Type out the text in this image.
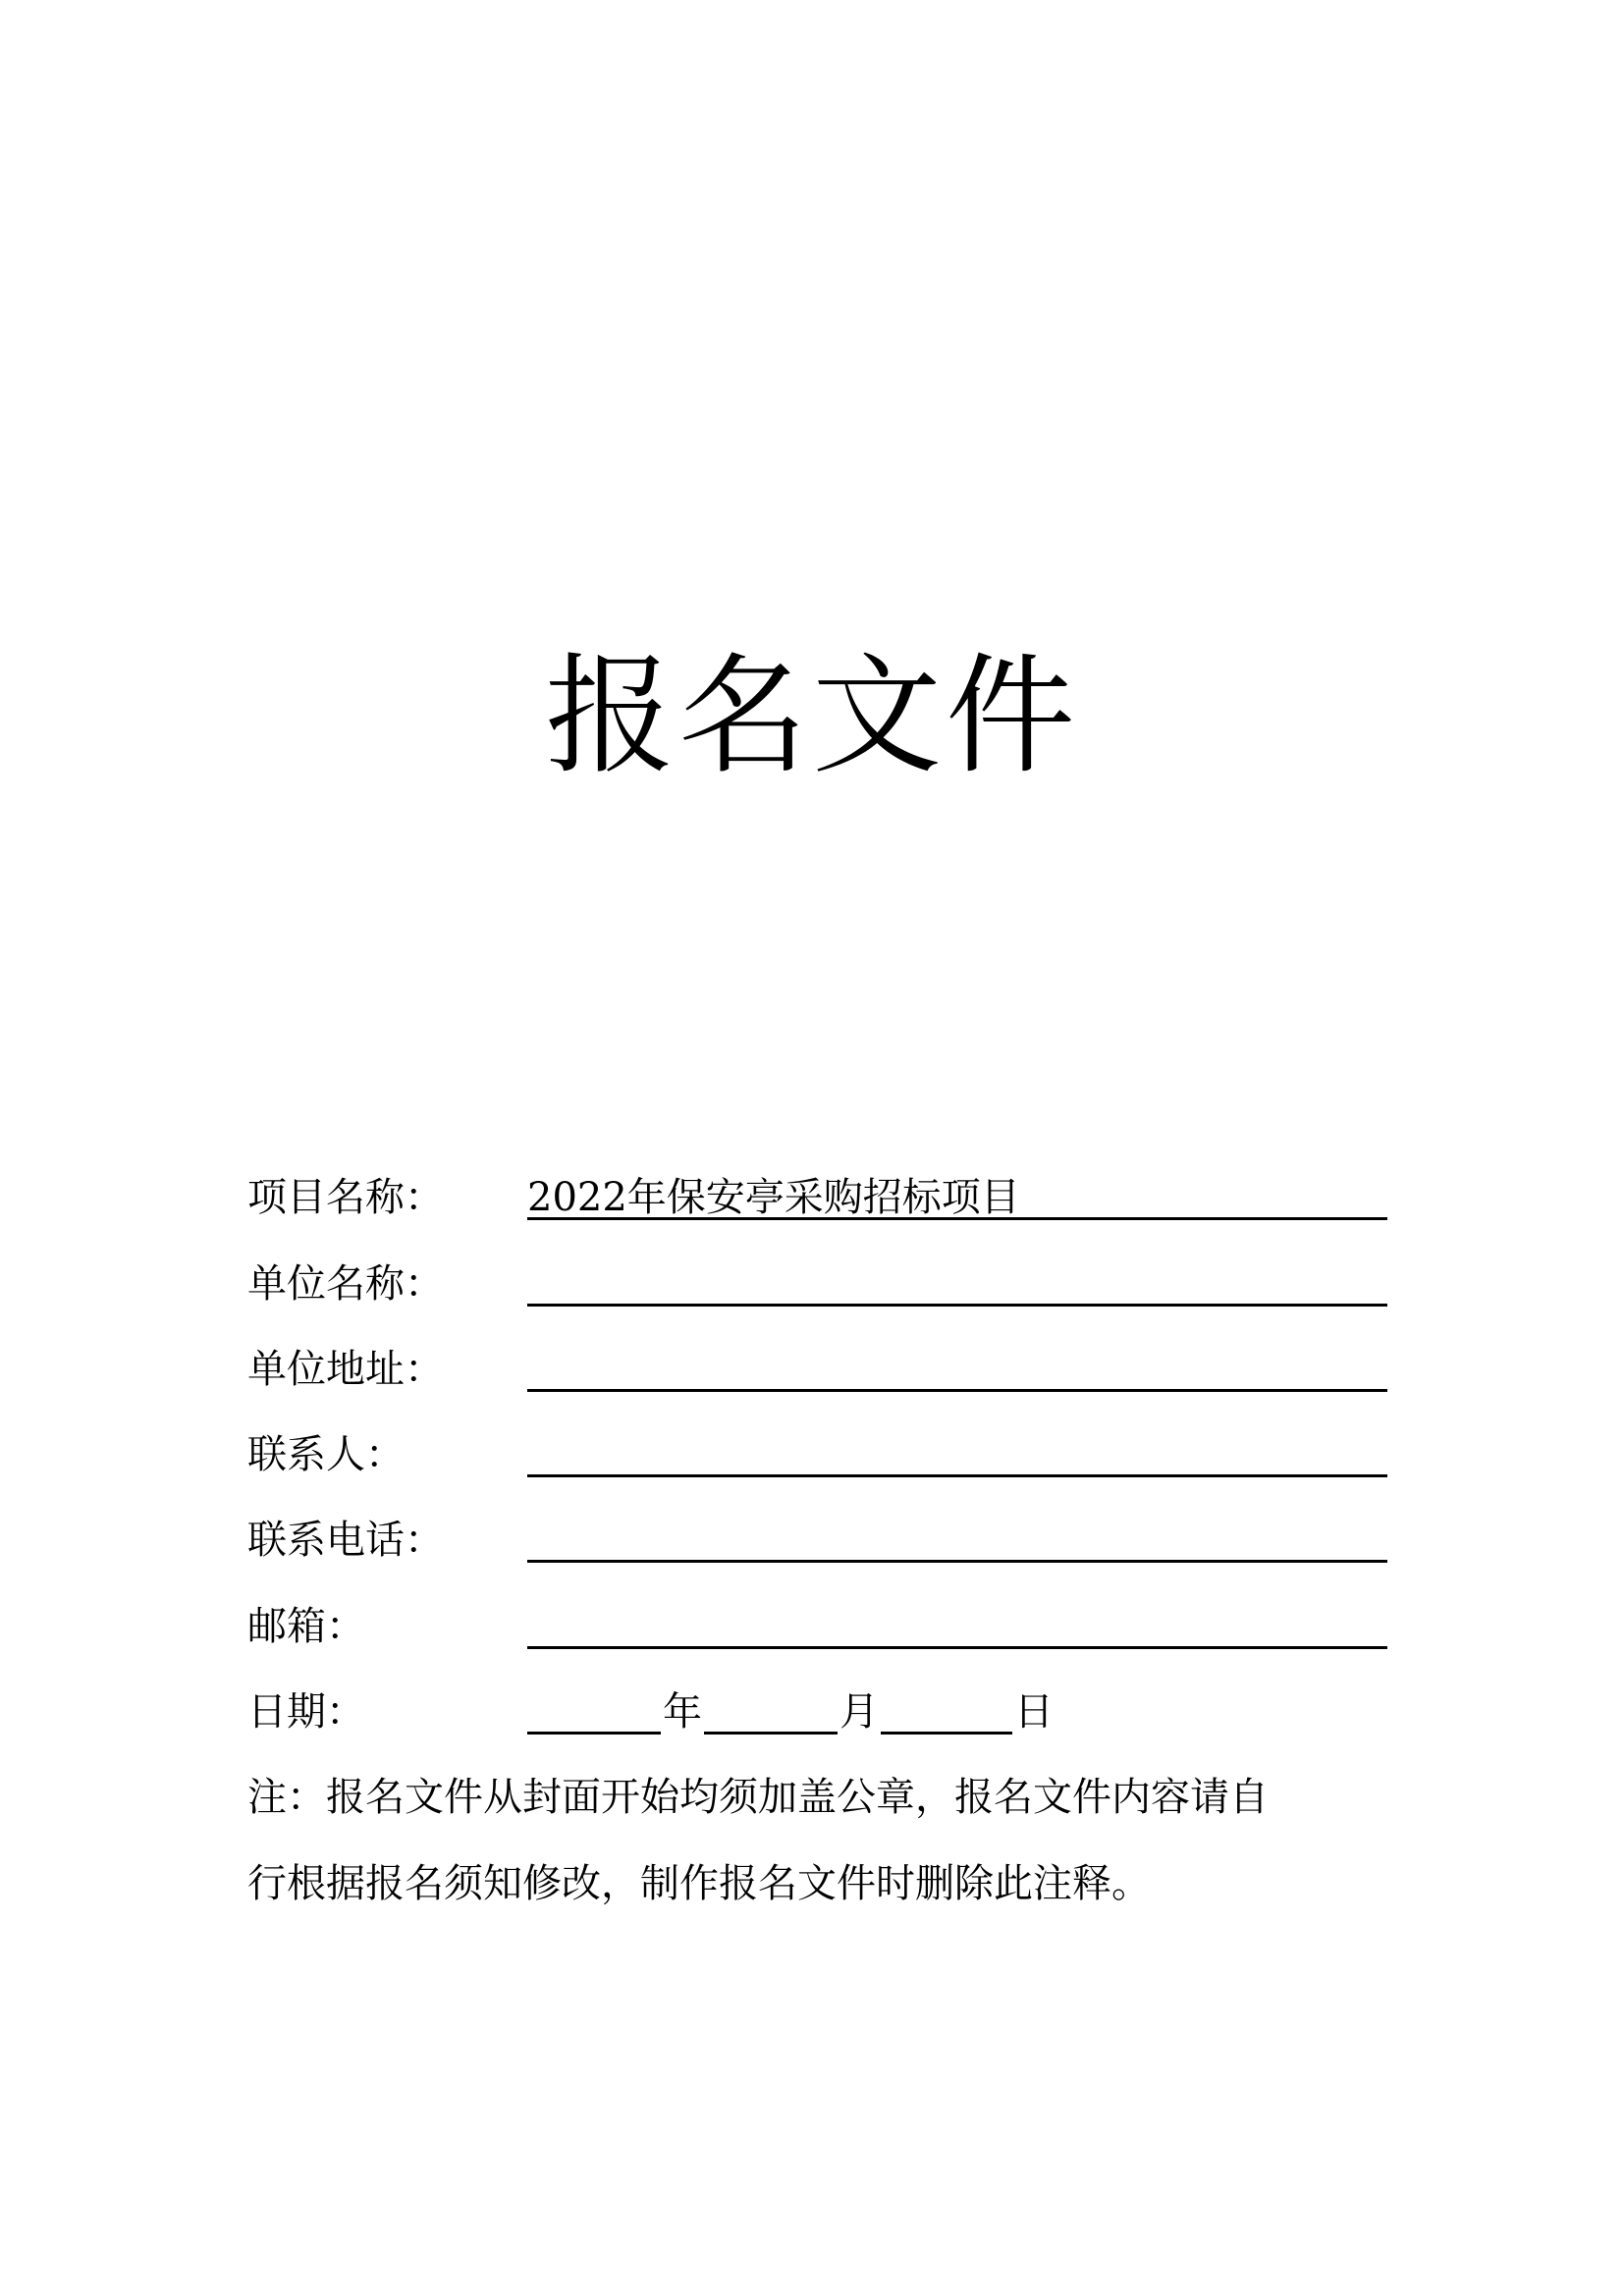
报名文件
项目名称： 2022年保安亭采购招标项目
单位名称：
单位地址：
联系人：
联系电话：
邮箱：
日期：	年	月	日
注：报名文件从封面开始均须加盖公章，报名文件内容请自
行根据报名须知修改，制作报名文件时删除此注释。
